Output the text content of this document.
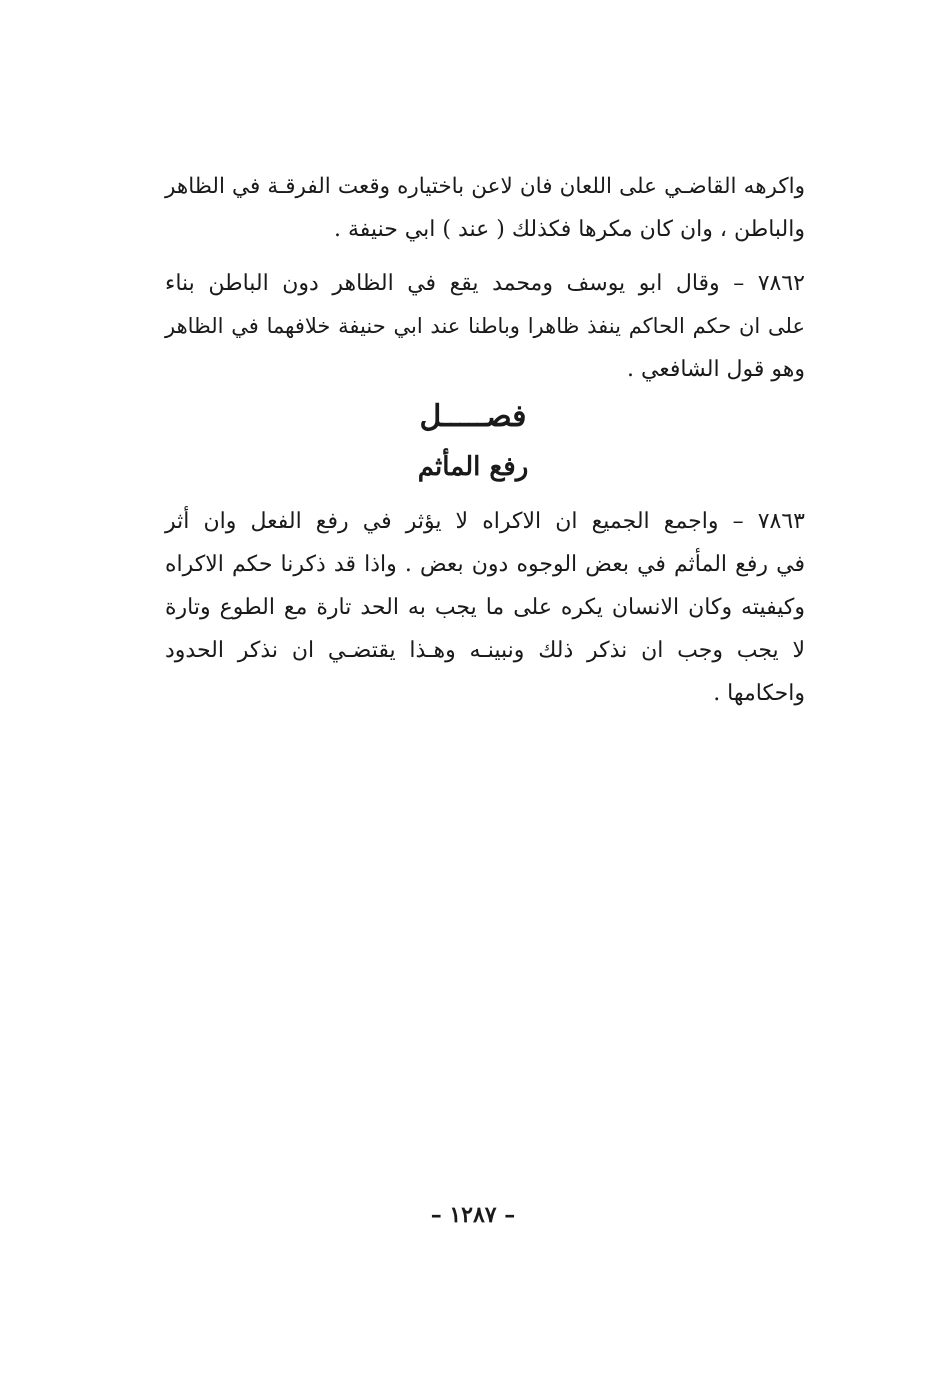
واكرهه القاضـي على اللعان فان لاعن باختياره وقعت الفرقـة في الظاهر
والباطن ، وان كان مكرها فكذلك ( عند ) ابي حنيفة .
٧٨٦٢ – وقال ابو يوسف ومحمد يقع في الظاهر دون الباطن بناء
على ان حكم الحاكم ينفذ ظاهرا وباطنا عند ابي حنيفة خلافهما في الظاهر
وهو قول الشافعي .
فصـــــل
رفع المأثم
٧٨٦٣ – واجمع الجميع ان الاكراه لا يؤثر في رفع الفعل وان أثر
في رفع المأثم في بعض الوجوه دون بعض . واذا قد ذكرنا حكم الاكراه
وكيفيته وكان الانسان يكره على ما يجب به الحد تارة مع الطوع وتارة
لا يجب وجب ان نذكر ذلك ونبينـه وهـذا يقتضـي ان نذكر الحدود
واحكامها .
– ١٢٨٧ –
